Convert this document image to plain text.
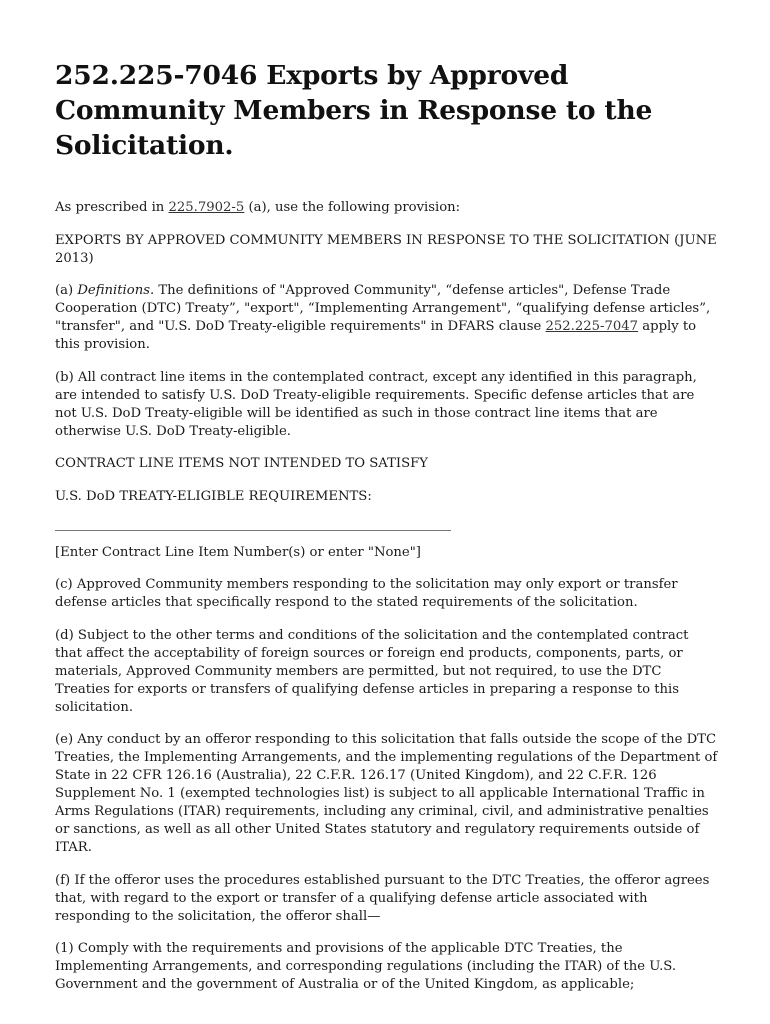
252.225-7046 Exports by Approved Community Members in Response to the Solicitation.

As prescribed in 225.7902-5 (a), use the following provision:

EXPORTS BY APPROVED COMMUNITY MEMBERS IN RESPONSE TO THE SOLICITATION (JUNE 2013)

(a) Definitions. The definitions of "Approved Community", “defense articles", Defense Trade Cooperation (DTC) Treaty”, "export", “Implementing Arrangement", “qualifying defense articles”, "transfer", and "U.S. DoD Treaty-eligible requirements" in DFARS clause 252.225-7047 apply to this provision.

(b) All contract line items in the contemplated contract, except any identified in this paragraph, are intended to satisfy U.S. DoD Treaty-eligible requirements. Specific defense articles that are not U.S. DoD Treaty-eligible will be identified as such in those contract line items that are otherwise U.S. DoD Treaty-eligible.

CONTRACT LINE ITEMS NOT INTENDED TO SATISFY

U.S. DoD TREATY-ELIGIBLE REQUIREMENTS:

[Enter Contract Line Item Number(s) or enter "None"]

(c) Approved Community members responding to the solicitation may only export or transfer defense articles that specifically respond to the stated requirements of the solicitation.

(d) Subject to the other terms and conditions of the solicitation and the contemplated contract that affect the acceptability of foreign sources or foreign end products, components, parts, or materials, Approved Community members are permitted, but not required, to use the DTC Treaties for exports or transfers of qualifying defense articles in preparing a response to this solicitation.

(e) Any conduct by an offeror responding to this solicitation that falls outside the scope of the DTC Treaties, the Implementing Arrangements, and the implementing regulations of the Department of State in 22 CFR 126.16 (Australia), 22 C.F.R. 126.17 (United Kingdom), and 22 C.F.R. 126 Supplement No. 1 (exempted technologies list) is subject to all applicable International Traffic in Arms Regulations (ITAR) requirements, including any criminal, civil, and administrative penalties or sanctions, as well as all other United States statutory and regulatory requirements outside of ITAR.

(f) If the offeror uses the procedures established pursuant to the DTC Treaties, the offeror agrees that, with regard to the export or transfer of a qualifying defense article associated with responding to the solicitation, the offeror shall—

(1) Comply with the requirements and provisions of the applicable DTC Treaties, the Implementing Arrangements, and corresponding regulations (including the ITAR) of the U.S. Government and the government of Australia or of the United Kingdom, as applicable;
